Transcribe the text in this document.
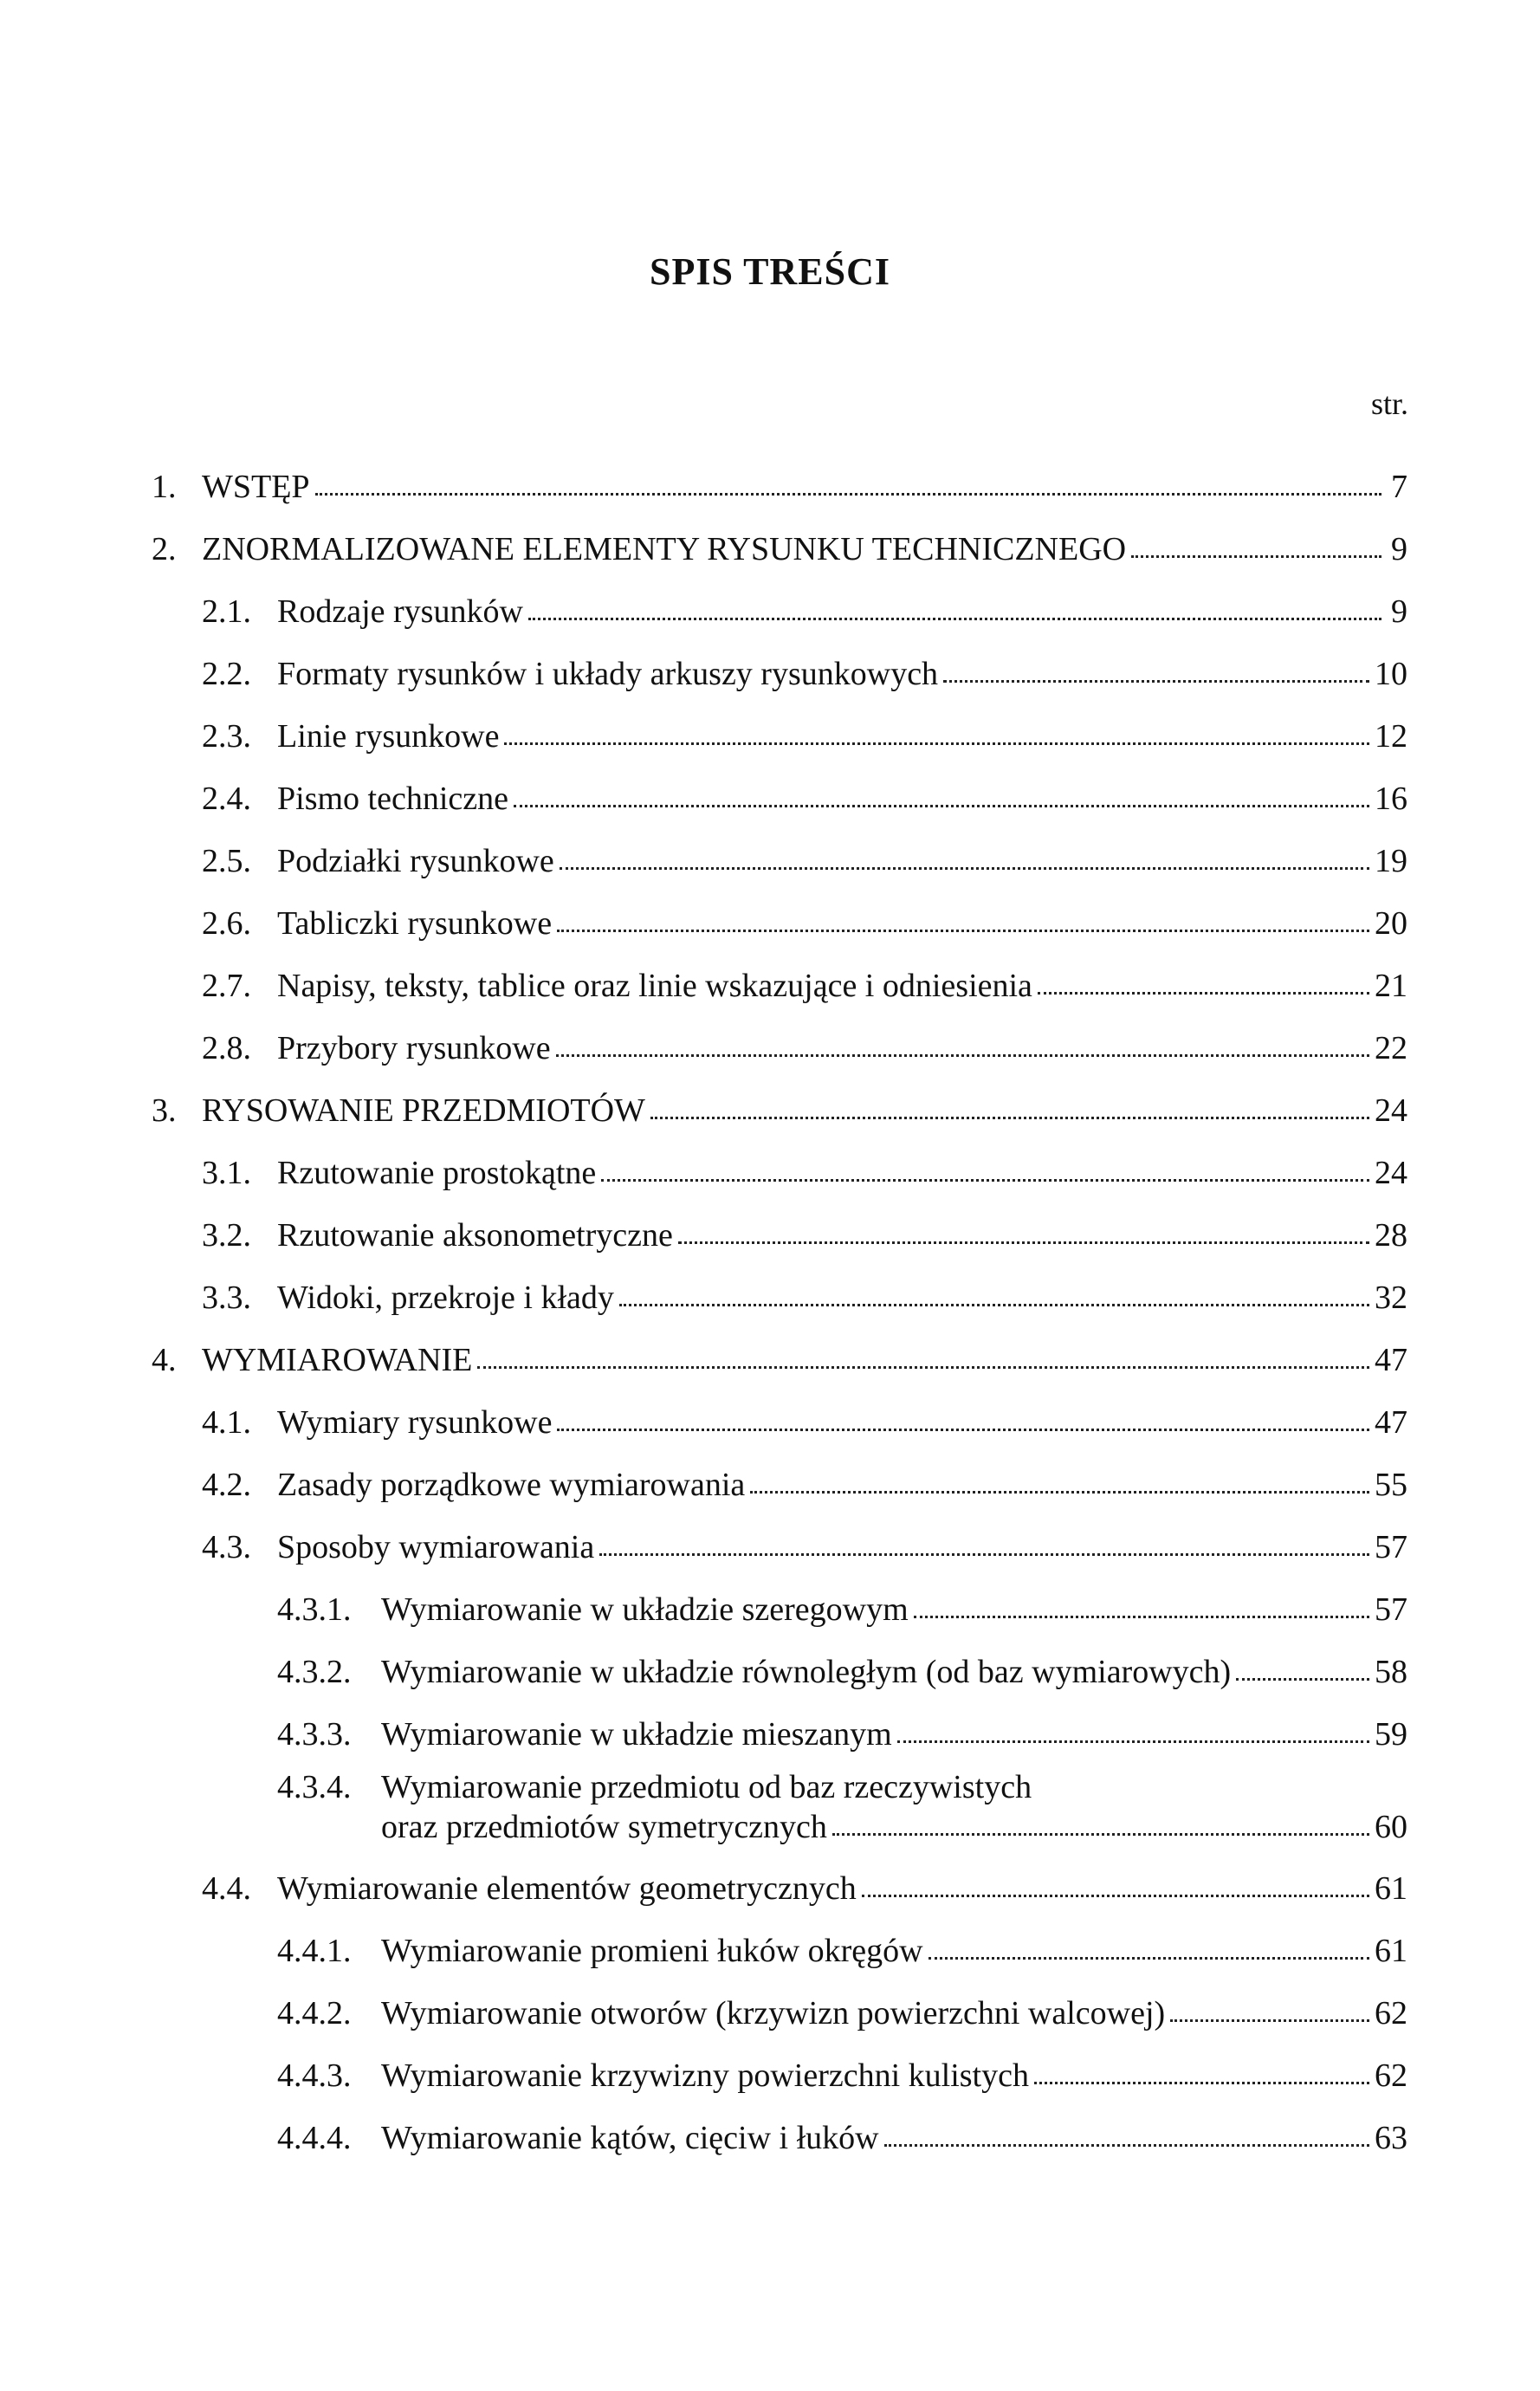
SPIS TREŚCI
str.
1. WSTĘP	7
2. ZNORMALIZOWANE ELEMENTY RYSUNKU TECHNICZNEGO	9
2.1. Rodzaje rysunków	9
2.2. Formaty rysunków i układy arkuszy rysunkowych	10
2.3. Linie rysunkowe	12
2.4. Pismo techniczne	16
2.5. Podziałki rysunkowe	19
2.6. Tabliczki rysunkowe	20
2.7. Napisy, teksty, tablice oraz linie wskazujące i odniesienia	21
2.8. Przybory rysunkowe	22
3. RYSOWANIE PRZEDMIOTÓW	24
3.1. Rzutowanie prostokątne	24
3.2. Rzutowanie aksonometryczne	28
3.3. Widoki, przekroje i kłady	32
4. WYMIAROWANIE	47
4.1. Wymiary rysunkowe	47
4.2. Zasady porządkowe wymiarowania	55
4.3. Sposoby wymiarowania	57
4.3.1. Wymiarowanie w układzie szeregowym	57
4.3.2. Wymiarowanie w układzie równoległym (od baz wymiarowych)	58
4.3.3. Wymiarowanie w układzie mieszanym	59
4.3.4. Wymiarowanie przedmiotu od baz rzeczywistych
oraz przedmiotów symetrycznych	60
4.4. Wymiarowanie elementów geometrycznych	61
4.4.1. Wymiarowanie promieni łuków okręgów	61
4.4.2. Wymiarowanie otworów (krzywizn powierzchni walcowej)	62
4.4.3. Wymiarowanie krzywizny powierzchni kulistych	62
4.4.4. Wymiarowanie kątów, cięciw i łuków	63
